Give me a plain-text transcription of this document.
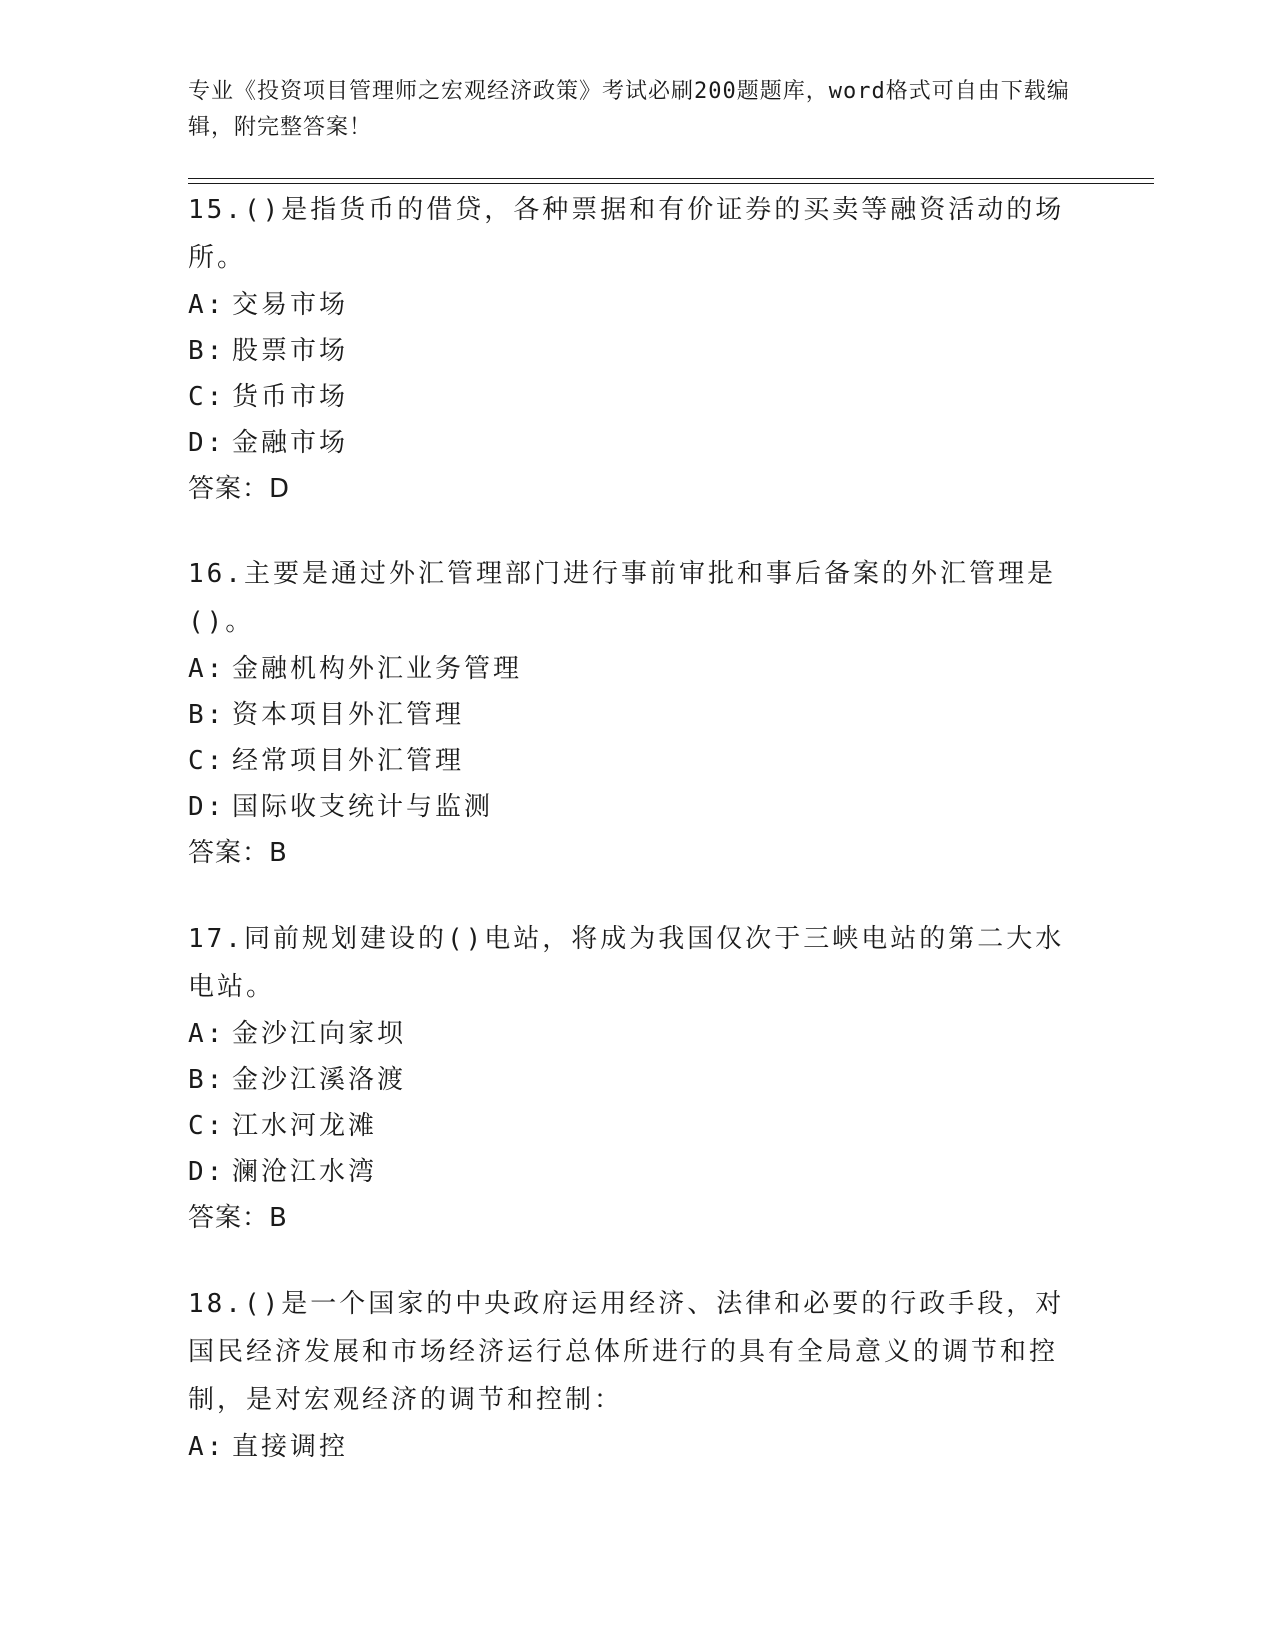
专业《投资项目管理师之宏观经济政策》考试必刷200题题库，word格式可自由下载编辑，附完整答案！
15.()是指货币的借贷，各种票据和有价证券的买卖等融资活动的场所。
A: 交易市场
B: 股票市场
C: 货币市场
D: 金融市场
答案：D
16.主要是通过外汇管理部门进行事前审批和事后备案的外汇管理是()。
A: 金融机构外汇业务管理
B: 资本项目外汇管理
C: 经常项目外汇管理
D: 国际收支统计与监测
答案：B
17.同前规划建设的()电站，将成为我国仅次于三峡电站的第二大水电站。
A: 金沙江向家坝
B: 金沙江溪洛渡
C: 江水河龙滩
D: 澜沧江水湾
答案：B
18.()是一个国家的中央政府运用经济、法律和必要的行政手段，对国民经济发展和市场经济运行总体所进行的具有全局意义的调节和控制，是对宏观经济的调节和控制：
A: 直接调控
